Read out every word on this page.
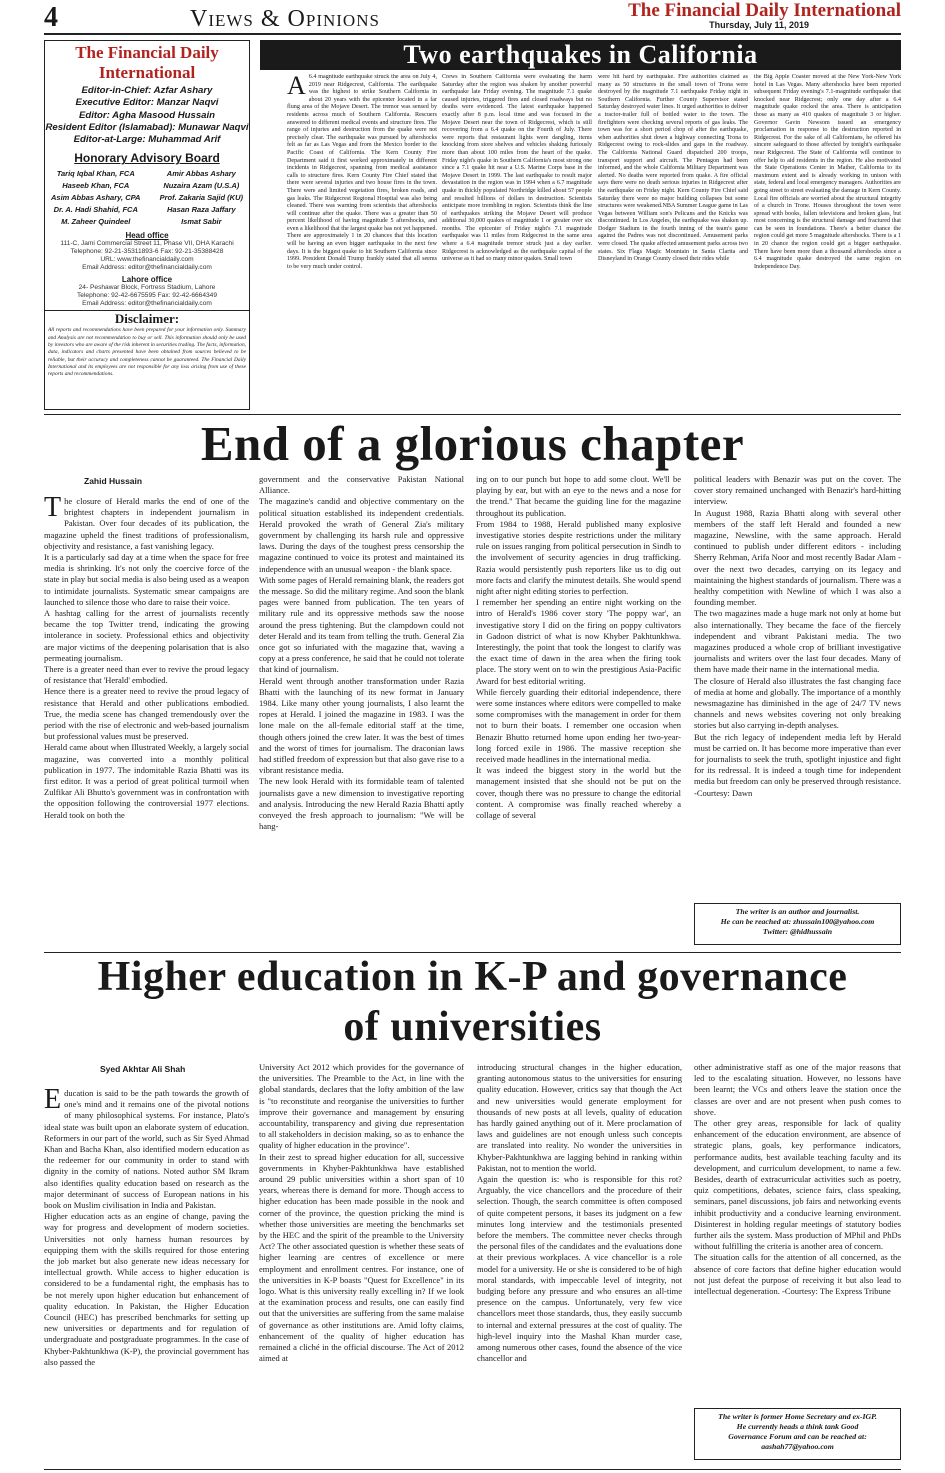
4	Views & Opinions	The Financial Daily International
Thursday, July 11, 2019
The Financial Daily International
Editor-in-Chief: Azfar Ashary
Executive Editor: Manzar Naqvi
Editor: Agha Masood Hussain
Resident Editor (Islamabad): Munawar Naqvi
Editor-at-Large: Muhammad Arif
Honorary Advisory Board
Tariq Iqbal Khan, FCA
Haseeb Khan, FCA
Asim Abbas Ashary, CPA
Dr. A. Hadi Shahid, FCA
M. Zaheer Quindeel
Amir Abbas Ashary
Nuzaira Azam (U.S.A)
Prof. Zakaria Sajid (KU)
Hasan Raza Jaffary
Ismat Sabir
Head office
111-C, Jami Commercial Street 11, Phase VII, DHA Karachi
Telephone: 92-21-35311893-6 Fax: 92-21-35388428
URL: www.thefinancialdaily.com
Email Address: editor@thefinancialdaily.com
Lahore office
24- Peshawar Block, Fortress Stadium, Lahore
Telephone: 92-42-6675595 Fax: 92-42-6664349
Email Address: editor@thefinancialdaily.com
Disclaimer:
All reports and recommendations have been prepared for your information only. Summary and Analysis are not recommendation to buy or sell. This information should only be used by investors who are aware of the risk inherent in securities trading. The facts, information, data, indicators and charts presented have been obtained from sources believed to be reliable, but their accuracy and completeness cannot be guaranteed. The Financial Daily International and its employees are not responsible for any loss arising from use of these reports and recommendations.
Two earthquakes in California
A 6.4 magnitude earthquake struck the area on July 4, 2019 near Ridgecrest, California. The earthquake was the highest to strike Southern California in about 20 years with the epicenter located in a far flung area of the Mojave Desert. The tremor was sensed by residents across much of Southern California. Rescuers answered to different medical events and structure fires. The range of injuries and destruction from the quake were not precisely clear. The earthquake was pursued by aftershocks felt as far as Las Vegas and from the Mexico border to the Pacific Coast of California. The Kern County Fire Department said it first worked approximately in different incidents in Ridgecrest, spanning from medical assistance calls to structure fires. Kern County Fire Chief stated that there were several injuries and two house fires in the town. There were and limited vegetation fires, broken roads, and gas leaks. The Ridgecrest Regional Hospital was also being cleaned. There was warning from scientists that aftershocks will continue after the quake. There was a greater than 50 percent likelihood of having magnitude 5 aftershocks, and even a likelihood that the largest quake has not yet happened. There are approximately 1 in 20 chances that this location will be having an even bigger earthquake in the next few days. It is the biggest quake to hit Southern California since 1999. President Donald Trump frankly stated that all seems to be very much under control.
Crews in Southern California were evaluating the harm Saturday after the region was shaken by another powerful earthquake late Friday evening. The magnitude 7.1 quake caused injuries, triggered fires and closed roadways but no deaths were evidenced. The latest earthquake happened exactly after 8 p.m. local time and was focused in the Mojave Desert near the town of Ridgecrest, which is still recovering from a 6.4 quake on the Fourth of July. There were reports that restaurant lights were dangling, items knocking from store shelves and vehicles shaking furiously more than about 100 miles from the heart of the quake. Friday night's quake in Southern California's most strong one since a 7.1 quake hit near a U.S. Marine Corps base in the Mojave Desert in 1999. The last earthquake to result major devastation in the region was in 1994 when a 6.7 magnitude quake in thickly populated Northridge killed about 57 people and resulted billions of dollars in destruction. Scientists anticipate more trembling in region. Scientists think the line of earthquakes striking the Mojave Desert will produce additional 30,000 quakes of magnitude 1 or greater over six months. The epicenter of Friday night's 7.1 magnitude earthquake was 11 miles from Ridgecrest in the same area where a 6.4 magnitude tremor struck just a day earlier. Ridgecrest is acknowledged as the earthquake capital of the universe as it had so many minor quakes. Small town
were hit hard by earthquake. Fire authorities claimed as many as 50 structures in the small town of Trona were destroyed by the magnitude 7.1 earthquake Friday night in Southern California. Further County Supervisor stated Saturday destroyed water lines. It urged authorities to deliver a tractor-trailer full of bottled water to the town. The firefighters were checking several reports of gas leaks. The town was for a short period chop of after the earthquake, when authorities shut down a highway connecting Trona to Ridgecrest owing to rock-slides and gaps in the roadway. The California National Guard dispatched 200 troops, transport support and aircraft. The Pentagon had been informed, and the whole California Military Department was alerted. No deaths were reported from quake. A fire official says there were no death serious injuries in Ridgecrest after the earthquake on Friday night. Kern County Fire Chief said Saturday there were no major building collapses but some structures were weakened.NBA Summer League game in Las Vegas between William son's Pelicans and the Knicks was discontinued. In Los Angeles, the earthquake was shaken up. Dodger Stadium in the fourth inning of the team's game against the Padres was not discontinued. Amusement parks were closed. The quake affected amusement parks across two states. Six Flags Magic Mountain in Santa Clarita and Disneyland in Orange County closed their rides while
the Big Apple Coaster moved at the New York-New York hotel in Las Vegas. Many aftershocks have been reported subsequent Friday evening's 7.1-magnitude earthquake that knocked near Ridgecrest; only one day after a 6.4 magnitude quake rocked the area. There is anticipation those as many as 410 quakes of magnitude 3 or higher. Governor Gavin Newsom issued an emergency proclamation in response to the destruction reported in Ridgecrest. For the sake of all Californians, he offered his sincere safeguard to those affected by tonight's earthquake near Ridgecrest. The State of California will continue to offer help to aid residents in the region. He also motivated the State Operations Center in Mather, California to its maximum extent and is already working in unison with state, federal and local emergency managers. Authorities are going street to street evaluating the damage in Kern County. Local fire officials are worried about the structural integrity of a church in Trone. Houses throughout the town were spread with books, fallen televisions and broken glass, but most concerning is the structural damage and fractured that can be seen in foundations. There's a better chance the region could get more 5 magnitude aftershocks. There is a 1 in 20 chance the region could get a bigger earthquake. There have been more than a thousand aftershocks since a 6.4 magnitude quake destroyed the same region on Independence Day.
End of a glorious chapter
Zahid Hussain
The closure of Herald marks the end of one of the brightest chapters in independent journalism in Pakistan. Over four decades of its publication, the magazine upheld the finest traditions of professionalism, objectivity and resistance, a fast vanishing legacy.
It is a particularly sad day at a time when the space for free media is shrinking. It's not only the coercive force of the state in play but social media is also being used as a weapon to intimidate journalists. Systematic smear campaigns are launched to silence those who dare to raise their voice.
A hashtag calling for the arrest of journalists recently became the top Twitter trend, indicating the growing intolerance in society. Professional ethics and objectivity are major victims of the deepening polarisation that is also permeating journalism.
There is a greater need than ever to revive the proud legacy of resistance that 'Herald' embodied.
Hence there is a greater need to revive the proud legacy of resistance that Herald and other publications embodied. True, the media scene has changed tremendously over the period with the rise of electronic and web-based journalism but professional values must be preserved.
Herald came about when Illustrated Weekly, a largely social magazine, was converted into a monthly political publication in 1977. The indomitable Razia Bhatti was its first editor. It was a period of great political turmoil when Zulfikar Ali Bhutto's government was in confrontation with the opposition following the controversial 1977 elections. Herald took on both the
government and the conservative Pakistan National Alliance.
The magazine's candid and objective commentary on the political situation established its independent credentials. Herald provoked the wrath of General Zia's military government by challenging its harsh rule and oppressive laws. During the days of the toughest press censorship the magazine continued to voice its protest and maintained its independence with an unusual weapon - the blank space.
With some pages of Herald remaining blank, the readers got the message. So did the military regime. And soon the blank pages were banned from publication. The ten years of military rule and its oppressive methods saw the noose around the press tightening. But the clampdown could not deter Herald and its team from telling the truth. General Zia once got so infuriated with the magazine that, waving a copy at a press conference, he said that he could not tolerate that kind of journalism.
Herald went through another transformation under Razia Bhatti with the launching of its new format in January 1984. Like many other young journalists, I also learnt the ropes at Herald. I joined the magazine in 1983. I was the lone male on the all-female editorial staff at the time, though others joined the crew later. It was the best of times and the worst of times for journalism. The draconian laws had stifled freedom of expression but that also gave rise to a vibrant resistance media.
The new look Herald with its formidable team of talented journalists gave a new dimension to investigative reporting and analysis. Introducing the new Herald Razia Bhatti aptly conveyed the fresh approach to journalism: "We will be hang-
ing on to our punch but hope to add some clout. We'll be playing by ear, but with an eye to the news and a nose for the trend." That became the guiding line for the magazine throughout its publication.
From 1984 to 1988, Herald published many explosive investigative stories despite restrictions under the military rule on issues ranging from political persecution in Sindh to the involvement of security agencies in drug trafficking. Razia would persistently push reporters like us to dig out more facts and clarify the minutest details. She would spend night after night editing stories to perfection.
I remember her spending an entire night working on the intro of Herald's 1986 cover story 'The poppy war', an investigative story I did on the firing on poppy cultivators in Gadoon district of what is now Khyber Pakhtunkhwa. Interestingly, the point that took the longest to clarify was the exact time of dawn in the area when the firing took place. The story went on to win the prestigious Asia-Pacific Award for best editorial writing.
While fiercely guarding their editorial independence, there were some instances where editors were compelled to make some compromises with the management in order for them not to burn their boats. I remember one occasion when Benazir Bhutto returned home upon ending her two-year-long forced exile in 1986. The massive reception she received made headlines in the international media.
It was indeed the biggest story in the world but the management insisted that she should not be put on the cover, though there was no pressure to change the editorial content. A compromise was finally reached whereby a collage of several
political leaders with Benazir was put on the cover. The cover story remained unchanged with Benazir's hard-hitting interview.
In August 1988, Razia Bhatti along with several other members of the staff left Herald and founded a new magazine, Newsline, with the same approach. Herald continued to publish under different editors - including Sherry Rehman, Arifa Noor and most recently Badar Alam - over the next two decades, carrying on its legacy and maintaining the highest standards of journalism. There was a healthy competition with Newline of which I was also a founding member.
The two magazines made a huge mark not only at home but also internationally. They became the face of the fiercely independent and vibrant Pakistani media. The two magazines produced a whole crop of brilliant investigative journalists and writers over the last four decades. Many of them have made their name in the international media.
The closure of Herald also illustrates the fast changing face of media at home and globally. The importance of a monthly newsmagazine has diminished in the age of 24/7 TV news channels and news websites covering not only breaking stories but also carrying in-depth analyses.
But the rich legacy of independent media left by Herald must be carried on. It has become more imperative than ever for journalists to seek the truth, spotlight injustice and fight for its redressal. It is indeed a tough time for independent media but freedom can only be preserved through resistance. -Courtesy: Dawn
The writer is an author and journalist.
He can be reached at: zhussain100@yahoo.com
Twitter: @hidhussain
Higher education in K-P and governance
of universities
Syed Akhtar Ali Shah
Education is said to be the path towards the growth of one's mind and it remains one of the pivotal notions of many philosophical systems. For instance, Plato's ideal state was built upon an elaborate system of education. Reformers in our part of the world, such as Sir Syed Ahmad Khan and Bacha Khan, also identified modern education as the redeemer for our community in order to stand with dignity in the comity of nations. Noted author SM Ikram also identifies quality education based on research as the major determinant of success of European nations in his book on Muslim civilisation in India and Pakistan.
Higher education acts as an engine of change, paving the way for progress and development of modern societies. Universities not only harness human resources by equipping them with the skills required for those entering the job market but also generate new ideas necessary for intellectual growth. While access to higher education is considered to be a fundamental right, the emphasis has to be not merely upon higher education but enhancement of quality education. In Pakistan, the Higher Education Council (HEC) has prescribed benchmarks for setting up new universities or departments and for regulation of undergraduate and postgraduate programmes. In the case of Khyber-Pakhtunkhwa (K-P), the provincial government has also passed the
University Act 2012 which provides for the governance of the universities. The Preamble to the Act, in line with the global standards, declares that the lofty ambition of the law is "to reconstitute and reorganise the universities to further improve their governance and management by ensuring accountability, transparency and giving due representation to all stakeholders in decision making, so as to enhance the quality of higher education in the province".
In their zest to spread higher education for all, successive governments in Khyber-Pakhtunkhwa have established around 29 public universities within a short span of 10 years, whereas there is demand for more. Though access to higher education has been made possible in the nook and corner of the province, the question pricking the mind is whether those universities are meeting the benchmarks set by the HEC and the spirit of the preamble to the University Act? The other associated question is whether these seats of higher learning are centres of excellence or mere employment and enrollment centres. For instance, one of the universities in K-P boasts "Quest for Excellence" in its logo. What is this university really excelling in? If we look at the examination process and results, one can easily find out that the universities are suffering from the same malaise of governance as other institutions are. Amid lofty claims, enhancement of the quality of higher education has remained a cliché in the official discourse. The Act of 2012 aimed at
introducing structural changes in the higher education, granting autonomous status to the universities for ensuring quality education. However, critics say that though the Act and new universities would generate employment for thousands of new posts at all levels, quality of education has hardly gained anything out of it. Mere proclamation of laws and guidelines are not enough unless such concepts are translated into reality. No wonder the universities in Khyber-Pakhtunkhwa are lagging behind in ranking within Pakistan, not to mention the world.
Again the question is: who is responsible for this rot? Arguably, the vice chancellors and the procedure of their selection. Though, the search committee is often composed of quite competent persons, it bases its judgment on a few minutes long interview and the testimonials presented before the members. The committee never checks through the personal files of the candidates and the evaluations done at their previous workplaces. A vice chancellor is a role model for a university. He or she is considered to be of high moral standards, with impeccable level of integrity, not budging before any pressure and who ensures an all-time presence on the campus. Unfortunately, very few vice chancellors meet those standards, thus, they easily succumb to internal and external pressures at the cost of quality. The high-level inquiry into the Mashal Khan murder case, among numerous other cases, found the absence of the vice chancellor and
other administrative staff as one of the major reasons that led to the escalating situation. However, no lessons have been learnt; the VCs and others leave the station once the classes are over and are not present when push comes to shove.
The other grey areas, responsible for lack of quality enhancement of the education environment, are absence of strategic plans, goals, key performance indicators, performance audits, best available teaching faculty and its development, and curriculum development, to name a few. Besides, dearth of extracurricular activities such as poetry, quiz competitions, debates, science fairs, class speaking, seminars, panel discussions, job fairs and networking events inhibit productivity and a conducive learning environment. Disinterest in holding regular meetings of statutory bodies further ails the system. Mass production of MPhil and PhDs without fulfilling the criteria is another area of concern.
The situation calls for the attention of all concerned, as the absence of core factors that define higher education would not just defeat the purpose of receiving it but also lead to intellectual degeneration. -Courtesy: The Express Tribune
The writer is former Home Secretary and ex-IGP.
He currently heads a think tank Good
Governance Forum and can be reached at:
aashah77@yahoo.com
